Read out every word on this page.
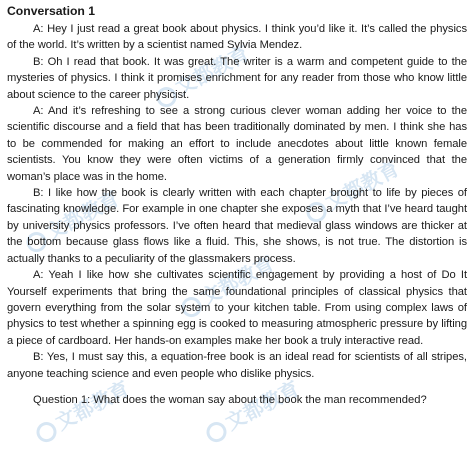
文都教育
文都教育
文都教育
文都教育
文都教育	文都教育
Conversation 1

A: Hey I just read a great book about physics. I think you’d like it. It’s called the physics of the world. It’s written by a scientist named Sylvia Mendez.

B: Oh I read that book. It was great. The writer is a warm and competent guide to the mysteries of physics. I think it promises enrichment for any reader from those who know little about science to the career physicist.

A: And it’s refreshing to see a strong curious clever woman adding her voice to the scientific discourse and a field that has been traditionally dominated by men. I think she has to be commended for making an effort to include anecdotes about little known female scientists. You know they were often victims of a generation firmly convinced that the woman’s place was in the home.

B: I like how the book is clearly written with each chapter brought to life by pieces of fascinating knowledge. For example in one chapter she exposes a myth that I’ve heard taught by university physics professors. I’ve often heard that medieval glass windows are thicker at the bottom because glass flows like a fluid. This, she shows, is not true. The distortion is actually thanks to a peculiarity of the glassmakers process.

A: Yeah I like how she cultivates scientific engagement by providing a host of Do It Yourself experiments that bring the same foundational principles of classical physics that govern everything from the solar system to your kitchen table. From using complex laws of physics to test whether a spinning egg is cooked to measuring atmospheric pressure by lifting a piece of cardboard. Her hands-on examples make her book a truly interactive read.

B: Yes, I must say this, a equation-free book is an ideal read for scientists of all stripes, anyone teaching science and even people who dislike physics.

Question 1: What does the woman say about the book the man recommended?
